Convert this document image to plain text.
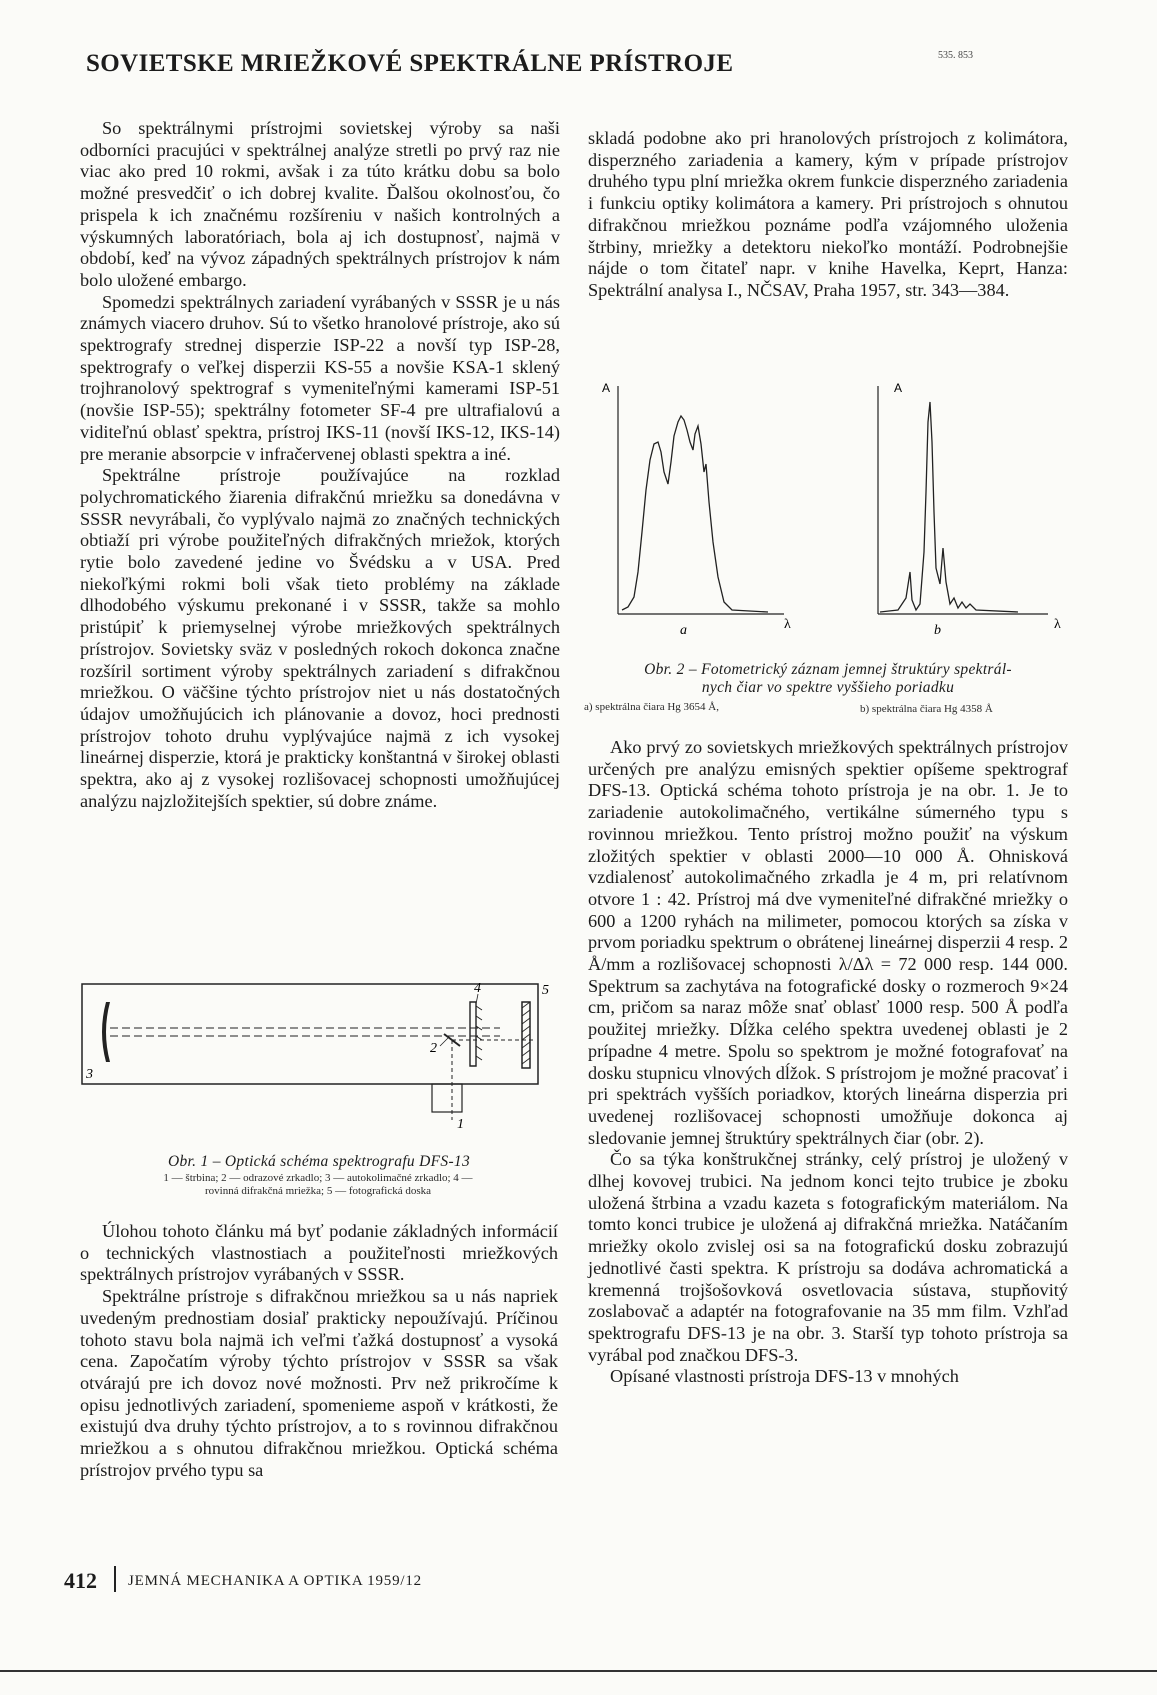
SOVIETSKE MRIEŽKOVÉ SPEKTRÁLNE PRÍSTROJE	535. 853

So spektrálnymi prístrojmi sovietskej výroby sa naši odborníci pracujúci v spektrálnej analýze stretli po prvý raz nie viac ako pred 10 rokmi, avšak i za túto krátku dobu sa bolo možné presvedčiť o ich dobrej kvalite. Ďalšou okolnosťou, čo prispela k ich značnému rozšíreniu v našich kontrolných a výskumných laboratóriach, bola aj ich dostupnosť, najmä v období, keď na vývoz západných spektrálnych prístrojov k nám bolo uložené embargo.

Spomedzi spektrálnych zariadení vyrábaných v SSSR je u nás známych viacero druhov. Sú to všetko hranolové prístroje, ako sú spektrografy strednej disperzie ISP-22 a novší typ ISP-28, spektrografy o veľkej disperzii KS-55 a novšie KSA-1 sklený trojhranolový spektrograf s vymeniteľnými kamerami ISP-51 (novšie ISP-55); spektrálny fotometer SF-4 pre ultrafialovú a viditeľnú oblasť spektra, prístroj IKS-11 (novší IKS-12, IKS-14) pre meranie absorpcie v infračervenej oblasti spektra a iné.

Spektrálne prístroje používajúce na rozklad polychromatického žiarenia difrakčnú mriežku sa donedávna v SSSR nevyrábali, čo vyplývalo najmä zo značných technických obtiaží pri výrobe použiteľných difrakčných mriežok, ktorých rytie bolo zavedené jedine vo Švédsku a v USA. Pred niekoľkými rokmi boli však tieto problémy na základe dlhodobého výskumu prekonané i v SSSR, takže sa mohlo pristúpiť k priemyselnej výrobe mriežkových spektrálnych prístrojov. Sovietsky sväz v posledných rokoch dokonca značne rozšíril sortiment výroby spektrálnych zariadení s difrakčnou mriežkou. O väčšine týchto prístrojov niet u nás dostatočných údajov umožňujúcich ich plánovanie a dovoz, hoci prednosti prístrojov tohoto druhu vyplývajúce najmä z ich vysokej lineárnej disperzie, ktorá je prakticky konštantná v širokej oblasti spektra, ako aj z vysokej rozlišovacej schopnosti umožňujúcej analýzu najzložitejších spektier, sú dobre známe.

1
2
3
4	5
Obr. 1 – Optická schéma spektrografu DFS-13
1 — štrbina; 2 — odrazové zrkadlo; 3 — autokolimačné zrkadlo; 4 —
rovinná difrakčná mriežka; 5 — fotografická doska

Úlohou tohoto článku má byť podanie základných informácií o technických vlastnostiach a použiteľnosti mriežkových spektrálnych prístrojov vyrábaných v SSSR.

Spektrálne prístroje s difrakčnou mriežkou sa u nás napriek uvedeným prednostiam dosiaľ prakticky nepoužívajú. Príčinou tohoto stavu bola najmä ich veľmi ťažká dostupnosť a vysoká cena. Započatím výroby týchto prístrojov v SSSR sa však otvárajú pre ich dovoz nové možnosti. Prv než prikročíme k opisu jednotlivých zariadení, spomenieme aspoň v krátkosti, že existujú dva druhy týchto prístrojov, a to s rovinnou difrakčnou mriežkou a s ohnutou difrakčnou mriežkou. Optická schéma prístrojov prvého typu sa

skladá podobne ako pri hranolových prístrojoch z kolimátora, disperzného zariadenia a kamery, kým v prípade prístrojov druhého typu plní mriežka okrem funkcie disperzného zariadenia i funkciu optiky kolimátora a kamery. Pri prístrojoch s ohnutou difrakčnou mriežkou poznáme podľa vzájomného uloženia štrbiny, mriežky a detektoru niekoľko montáží. Podrobnejšie nájde o tom čitateľ napr. v knihe Havelka, Keprt, Hanza: Spektrální analysa I., NČSAV, Praha 1957, str. 343—384.

A
λ
a
A
λ
b
Obr. 2 – Fotometrický záznam jemnej štruktúry spektrál-
nych čiar vo spektre vyššieho poriadku
a) spektrálna čiara Hg 3654 Å,	b) spektrálna čiara Hg 4358 Å

Ako prvý zo sovietskych mriežkových spektrálnych prístrojov určených pre analýzu emisných spektier opíšeme spektrograf DFS-13. Optická schéma tohoto prístroja je na obr. 1. Je to zariadenie autokolimačného, vertikálne súmerného typu s rovinnou mriežkou. Tento prístroj možno použiť na výskum zložitých spektier v oblasti 2000—10 000 Å. Ohnisková vzdialenosť autokolimačného zrkadla je 4 m, pri relatívnom otvore 1 : 42. Prístroj má dve vymeniteľné difrakčné mriežky o 600 a 1200 ryhách na milimeter, pomocou ktorých sa získa v prvom poriadku spektrum o obrátenej lineárnej disperzii 4 resp. 2 Å/mm a rozlišovacej schopnosti λ/Δλ = 72 000 resp. 144 000. Spektrum sa zachytáva na fotografické dosky o rozmeroch 9×24 cm, pričom sa naraz môže snať oblasť 1000 resp. 500 Å podľa použitej mriežky. Dĺžka celého spektra uvedenej oblasti je 2 prípadne 4 metre. Spolu so spektrom je možné fotografovať na dosku stupnicu vlnových dĺžok. S prístrojom je možné pracovať i pri spektrách vyšších poriadkov, ktorých lineárna disperzia pri uvedenej rozlišovacej schopnosti umožňuje dokonca aj sledovanie jemnej štruktúry spektrálnych čiar (obr. 2).

Čo sa týka konštrukčnej stránky, celý prístroj je uložený v dlhej kovovej trubici. Na jednom konci tejto trubice je zboku uložená štrbina a vzadu kazeta s fotografickým materiálom. Na tomto konci trubice je uložená aj difrakčná mriežka. Natáčaním mriežky okolo zvislej osi sa na fotografickú dosku zobrazujú jednotlivé časti spektra. K prístroju sa dodáva achromatická a kremenná trojšošovková osvetlovacia sústava, stupňovitý zoslabovač a adaptér na fotografovanie na 35 mm film. Vzhľad spektrografu DFS-13 je na obr. 3. Starší typ tohoto prístroja sa vyrábal pod značkou DFS-3.

Opísané vlastnosti prístroja DFS-13 v mnohých

412 JEMNÁ MECHANIKA A OPTIKA 1959/12
